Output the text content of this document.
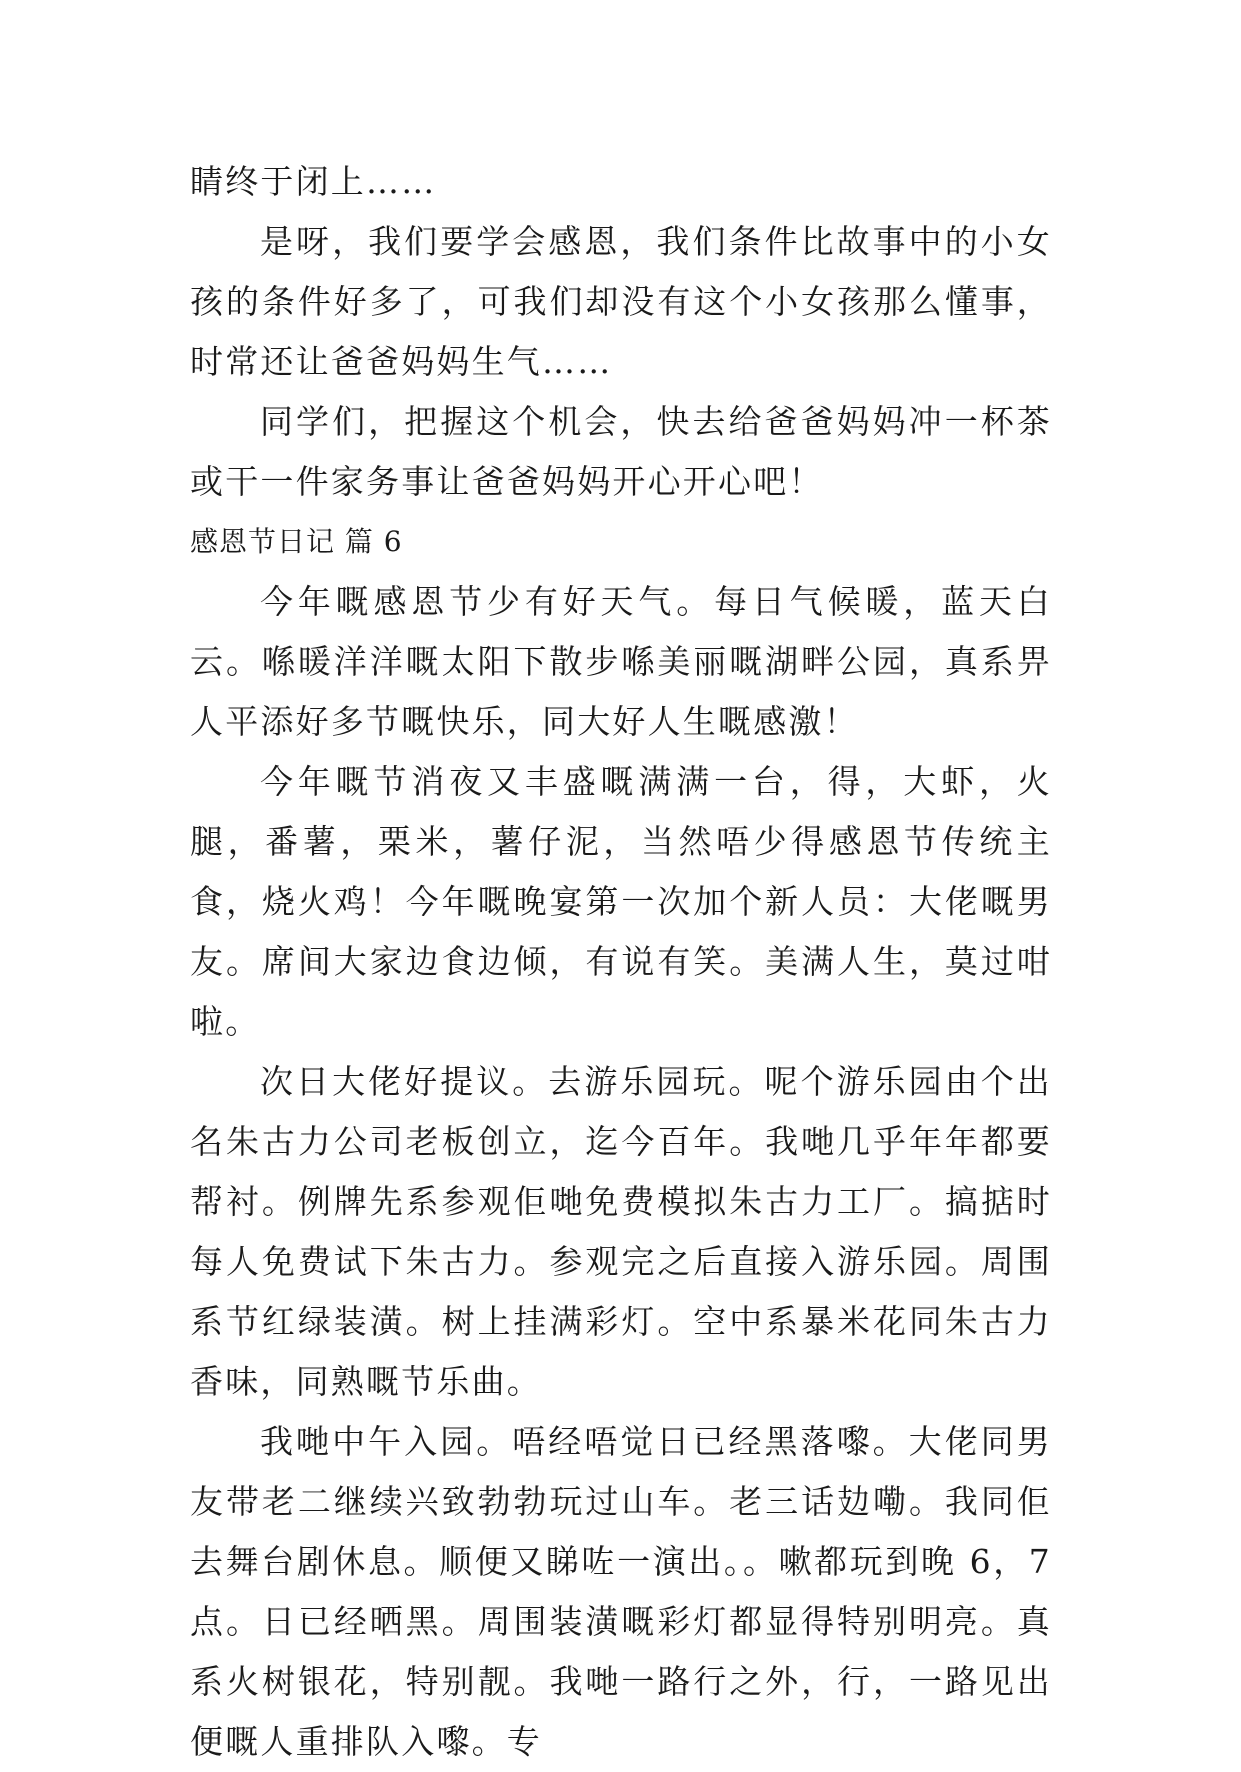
睛终于闭上……

是呀，我们要学会感恩，我们条件比故事中的小女孩的条件好多了，可我们却没有这个小女孩那么懂事，时常还让爸爸妈妈生气……

同学们，把握这个机会，快去给爸爸妈妈冲一杯茶或干一件家务事让爸爸妈妈开心开心吧！

感恩节日记 篇 6

今年嘅感恩节少有好天气。每日气候暖，蓝天白云。喺暖洋洋嘅太阳下散步喺美丽嘅湖畔公园，真系畀人平添好多节嘅快乐，同大好人生嘅感激！

今年嘅节消夜又丰盛嘅满满一台，得，大虾，火腿，番薯，栗米，薯仔泥，当然唔少得感恩节传统主食，烧火鸡！今年嘅晚宴第一次加个新人员：大佬嘅男友。席间大家边食边倾，有说有笑。美满人生，莫过咁啦。

次日大佬好提议。去游乐园玩。呢个游乐园由个出名朱古力公司老板创立，迄今百年。我哋几乎年年都要帮衬。例牌先系参观佢哋免费模拟朱古力工厂。搞掂时每人免费试下朱古力。参观完之后直接入游乐园。周围系节红绿装潢。树上挂满彩灯。空中系暴米花同朱古力香味，同熟嘅节乐曲。

我哋中午入园。唔经唔觉日已经黑落嚟。大佬同男友带老二继续兴致勃勃玩过山车。老三话攰嘞。我同佢去舞台剧休息。顺便又睇咗一演出。。嗽都玩到晚 6，7 点。日已经晒黑。周围装潢嘅彩灯都显得特别明亮。真系火树银花，特别靓。我哋一路行之外，行，一路见出便嘅人重排队入嚟。专
